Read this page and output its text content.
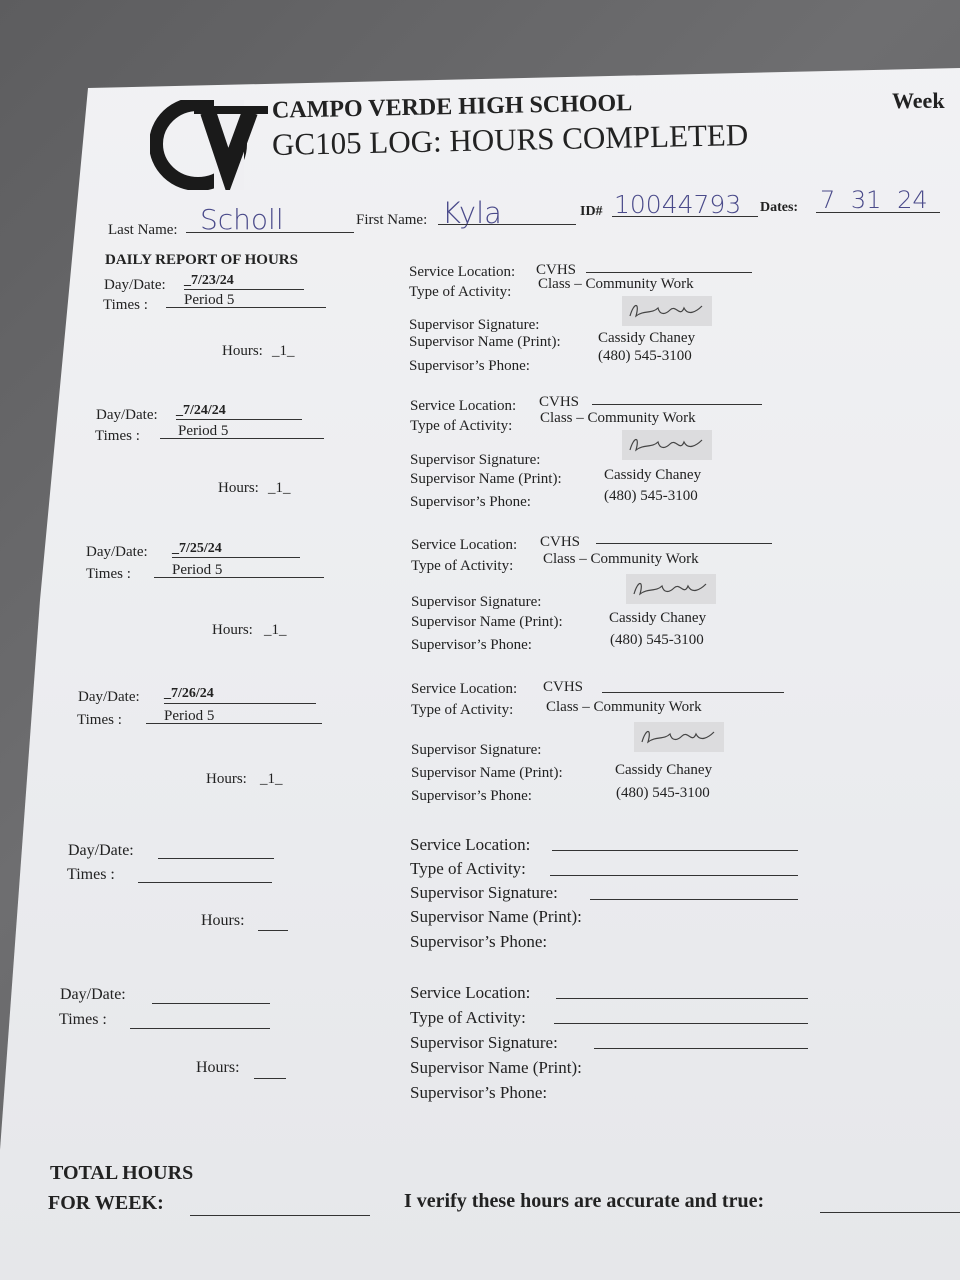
CAMPO VERDE HIGH SCHOOL
GC105 LOG: HOURS COMPLETED
Week
Last Name: Scholl	First Name: Kyla	ID# 10044793 Dates: 7 31 24
DAILY REPORT OF HOURS
Day/Date: _7/23/24
Times : Period 5
Hours: _1_
Service Location: CVHS
Type of Activity: Class – Community Work
Supervisor Signature:
Supervisor Name (Print): Cassidy Chaney
Supervisor’s Phone:
(480) 545-3100
Day/Date: _7/24/24
Times :	Period 5
Hours: _1_
Service Location: CVHS
Type of Activity: Class – Community Work
Supervisor Signature:
Supervisor Name (Print):	Cassidy Chaney
Supervisor’s Phone:	(480) 545-3100
Day/Date: _7/25/24
Times :	Period 5
Hours: _1_
Service Location: CVHS
Type of Activity: Class – Community Work
Supervisor Signature:
Supervisor Name (Print):	Cassidy Chaney
Supervisor’s Phone:	(480) 545-3100
Day/Date: _7/26/24
Times :	Period 5
Hours: _1_
Service Location: CVHS
Type of Activity: Class – Community Work
Supervisor Signature:
Supervisor Name (Print):	Cassidy Chaney
Supervisor’s Phone:	(480) 545-3100
Day/Date:
Times :
Hours:
Service Location:
Type of Activity:
Supervisor Signature:
Supervisor Name (Print):
Supervisor’s Phone:
Day/Date:
Times :
Hours:
Service Location:
Type of Activity:
Supervisor Signature:
Supervisor Name (Print):
Supervisor’s Phone:
TOTAL HOURS
FOR WEEK:	I verify these hours are accurate and true:
